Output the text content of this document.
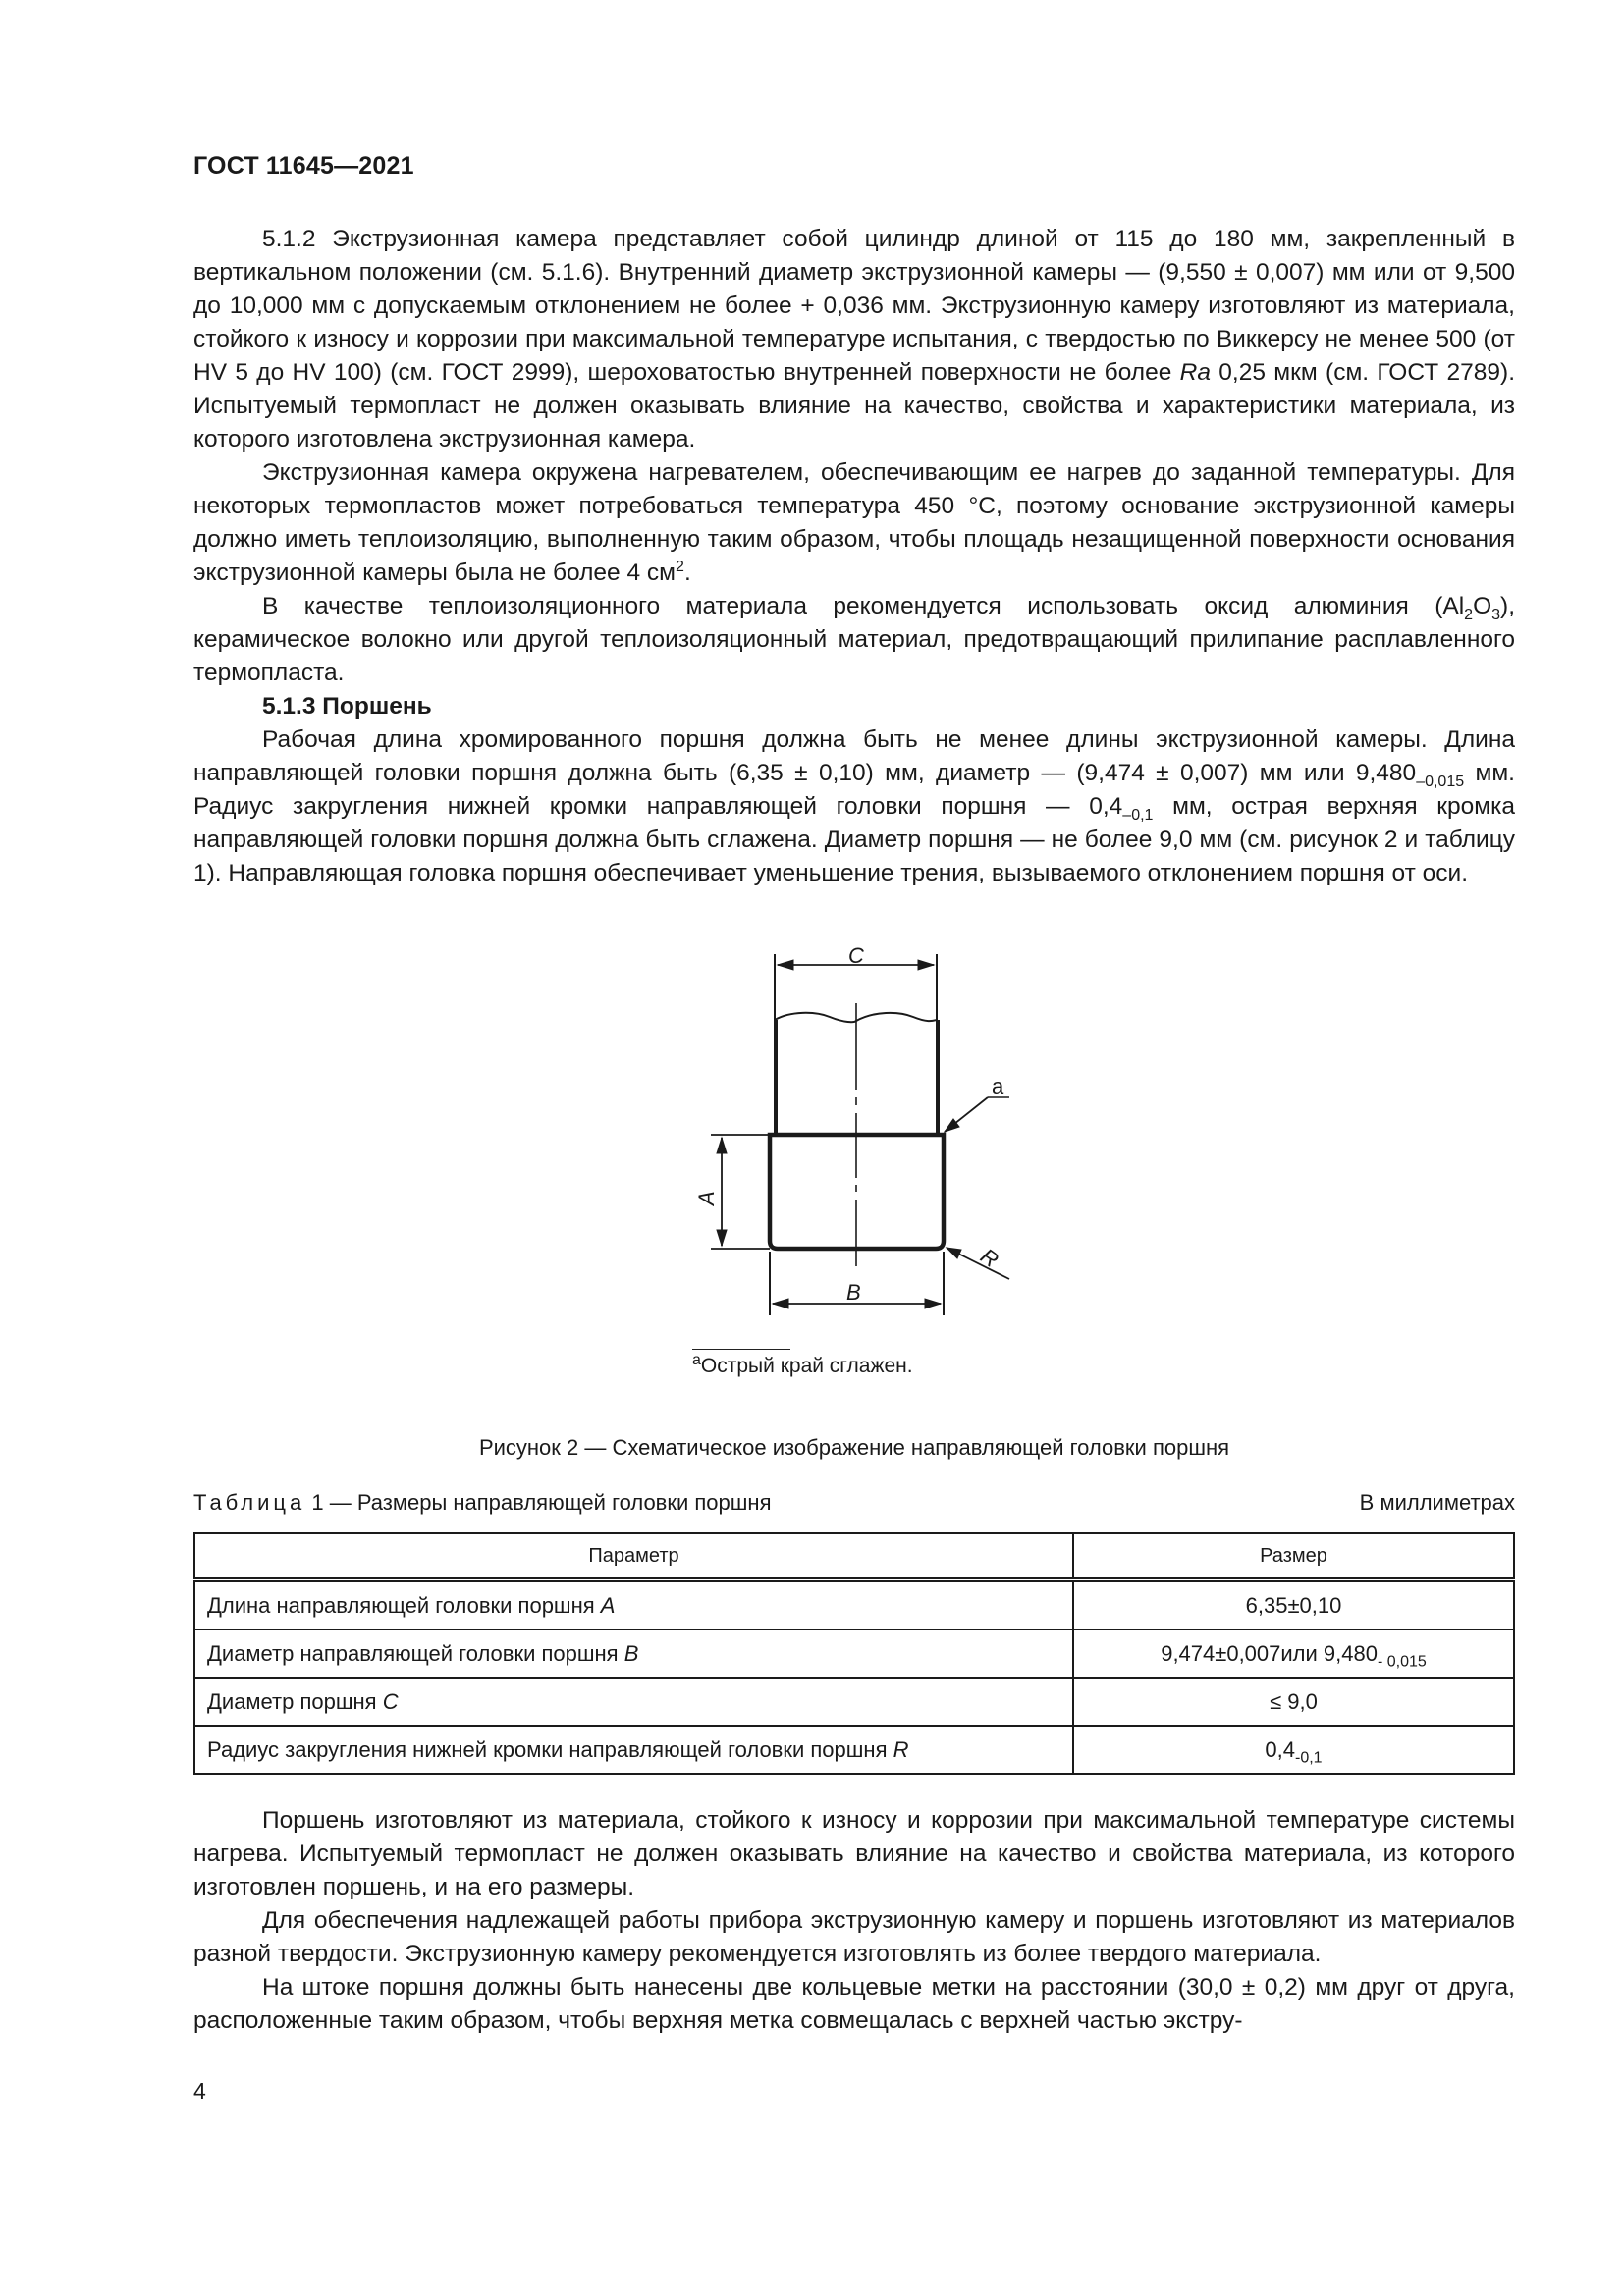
ГОСТ 11645—2021

5.1.2 Экструзионная камера представляет собой цилиндр длиной от 115 до 180 мм, закрепленный в вертикальном положении (см. 5.1.6). Внутренний диаметр экструзионной камеры — (9,550 ± 0,007) мм или от 9,500 до 10,000 мм с допускаемым отклонением не более + 0,036 мм. Экструзионную камеру изготовляют из материала, стойкого к износу и коррозии при максимальной температуре испытания, с твердостью по Виккерсу не менее 500 (от HV 5 до HV 100) (см. ГОСТ 2999), шероховатостью внутренней поверхности не более Ra 0,25 мкм (см. ГОСТ 2789). Испытуемый термопласт не должен оказывать влияние на качество, свойства и характеристики материала, из которого изготовлена экструзионная камера.

Экструзионная камера окружена нагревателем, обеспечивающим ее нагрев до заданной температуры. Для некоторых термопластов может потребоваться температура 450 °С, поэтому основание экструзионной камеры должно иметь теплоизоляцию, выполненную таким образом, чтобы площадь незащищенной поверхности основания экструзионной камеры была не более 4 $см^2$.

В качестве теплоизоляционного материала рекомендуется использовать оксид алюминия $(Al_2O_3)$, керамическое волокно или другой теплоизоляционный материал, предотвращающий прилипание расплавленного термопласта.

5.1.3 Поршень

Рабочая длина хромированного поршня должна быть не менее длины экструзионной камеры. Длина направляющей головки поршня должна быть (6,35 ± 0,10) мм, диаметр — (9,474 ± 0,007) мм или $9,480_{-0,015}$ мм. Радиус закругления нижней кромки направляющей головки поршня — $0,4_{-0,1}$ мм, острая верхняя кромка направляющей головки поршня должна быть сглажена. Диаметр поршня — не более 9,0 мм (см. рисунок 2 и таблицу 1). Направляющая головка поршня обеспечивает уменьшение трения, вызываемого отклонением поршня от оси.

C
B
A
R
a
$^a$Острый край сглажен.
Рисунок 2 — Схематическое изображение направляющей головки поршня
Таблица 1 — Размеры направляющей головки поршня	В миллиметрах
Параметр	Размер
Длина направляющей головки поршня A	6,35±0,10
Диаметр направляющей головки поршня B	9,474±0,007или $9,480_{- 0,015}$
Диаметр поршня C	≤ 9,0
Радиус закругления нижней кромки направляющей головки поршня R	$0,4_{-0,1}$

Поршень изготовляют из материала, стойкого к износу и коррозии при максимальной температуре системы нагрева. Испытуемый термопласт не должен оказывать влияние на качество и свойства материала, из которого изготовлен поршень, и на его размеры.

Для обеспечения надлежащей работы прибора экструзионную камеру и поршень изготовляют из материалов разной твердости. Экструзионную камеру рекомендуется изготовлять из более твердого материала.

На штоке поршня должны быть нанесены две кольцевые метки на расстоянии (30,0 ± 0,2) мм друг от друга, расположенные таким образом, чтобы верхняя метка совмещалась с верхней частью экстру-

4
